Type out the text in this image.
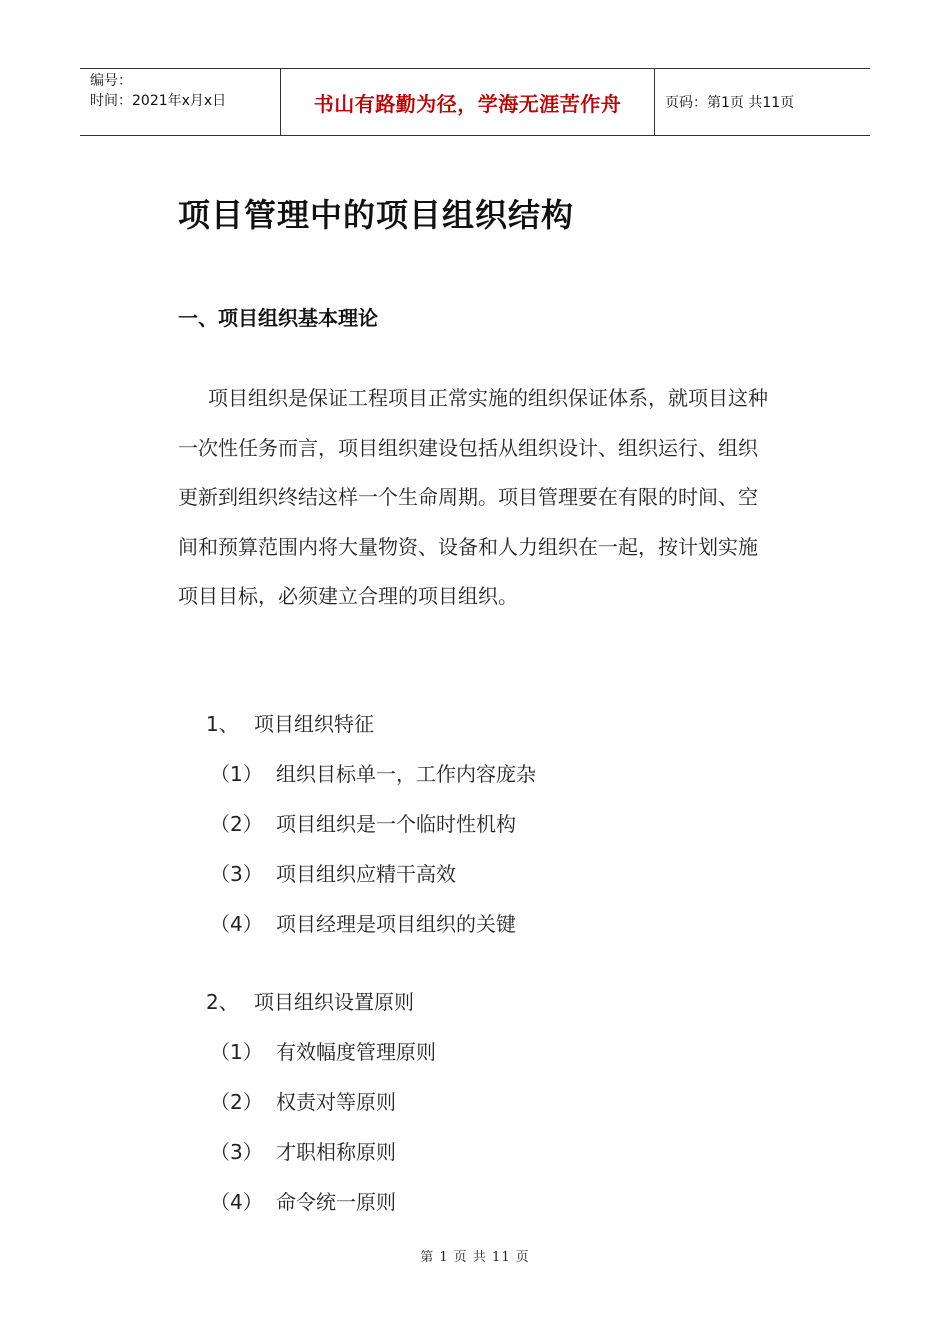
编号：
时间：2021年x月x日	书山有路勤为径，学海无涯苦作舟	页码：第1页 共11页
项目管理中的项目组织结构
一、项目组织基本理论

项目组织是保证工程项目正常实施的组织保证体系，就项目这种一次性任务而言，项目组织建设包括从组织设计、组织运行、组织更新到组织终结这样一个生命周期。项目管理要在有限的时间、空间和预算范围内将大量物资、设备和人力组织在一起，按计划实施项目目标，必须建立合理的项目组织。

1、 项目组织特征
（1） 组织目标单一，工作内容庞杂
（2） 项目组织是一个临时性机构
（3） 项目组织应精干高效
（4） 项目经理是项目组织的关键
2、 项目组织设置原则
（1） 有效幅度管理原则
（2） 权责对等原则
（3） 才职相称原则
（4） 命令统一原则
第 1 页 共 11 页
